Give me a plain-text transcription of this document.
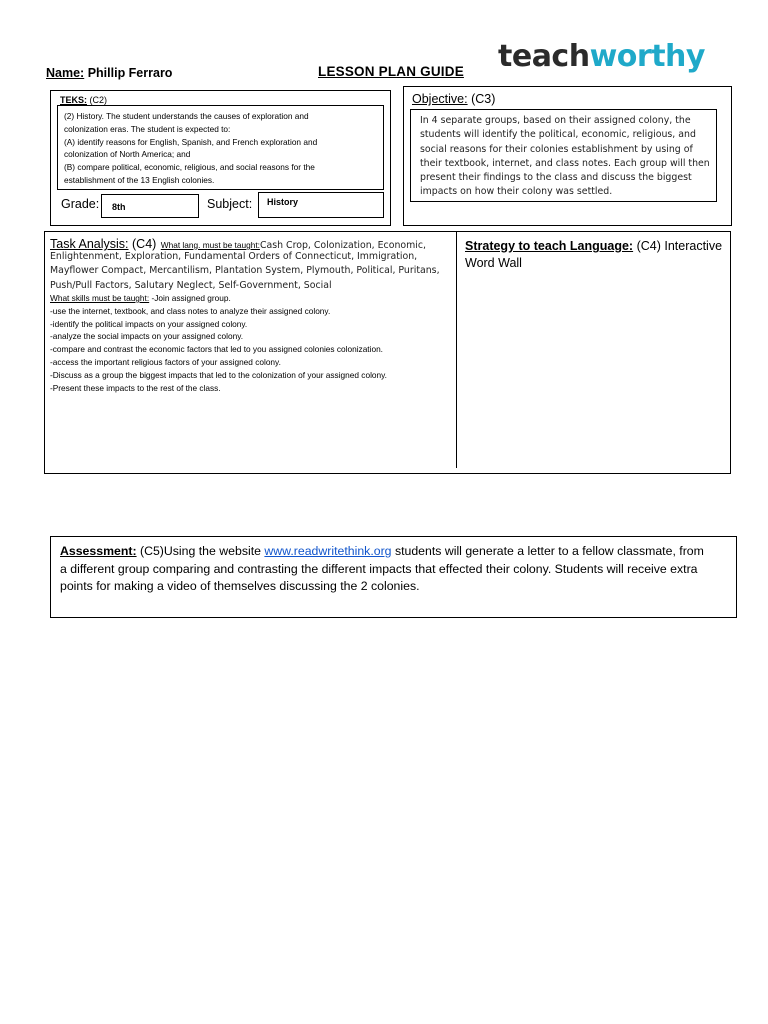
Name: Phillip Ferraro	LESSON PLAN GUIDE teachworthy
TEKS: (C2)
(2) History. The student understands the causes of exploration and
colonization eras. The student is expected to:
(A) identify reasons for English, Spanish, and French exploration and
colonization of North America; and
(B) compare political, economic, religious, and social reasons for the
establishment of the 13 English colonies.
Grade: 8th	Subject: History
Objective: (C3)
In 4 separate groups, based on their assigned colony, the
students will identify the political, economic, religious, and
social reasons for their colonies establishment by using of
their textbook, internet, and class notes. Each group will then
present their findings to the class and discuss the biggest
impacts on how their colony was settled.
Task Analysis: (C4) What lang. must be taught:Cash Crop, Colonization, Economic,
Enlightenment, Exploration, Fundamental Orders of Connecticut, Immigration,
Mayflower Compact, Mercantilism, Plantation System, Plymouth, Political, Puritans,
Push/Pull Factors, Salutary Neglect, Self-Government, Social
What skills must be taught: -Join assigned group.
-use the internet, textbook, and class notes to analyze their assigned colony.
-identify the political impacts on your assigned colony.
-analyze the social impacts on your assigned colony.
-compare and contrast the economic factors that led to you assigned colonies colonization.
-access the important religious factors of your assigned colony.
-Discuss as a group the biggest impacts that led to the colonization of your assigned colony.
-Present these impacts to the rest of the class.
Strategy to teach Language: (C4) Interactive
Word Wall
Assessment: (C5)Using the website www.readwritethink.org students will generate a letter to a fellow classmate, from
a different group comparing and contrasting the different impacts that effected their colony. Students will receive extra
points for making a video of themselves discussing the 2 colonies.
